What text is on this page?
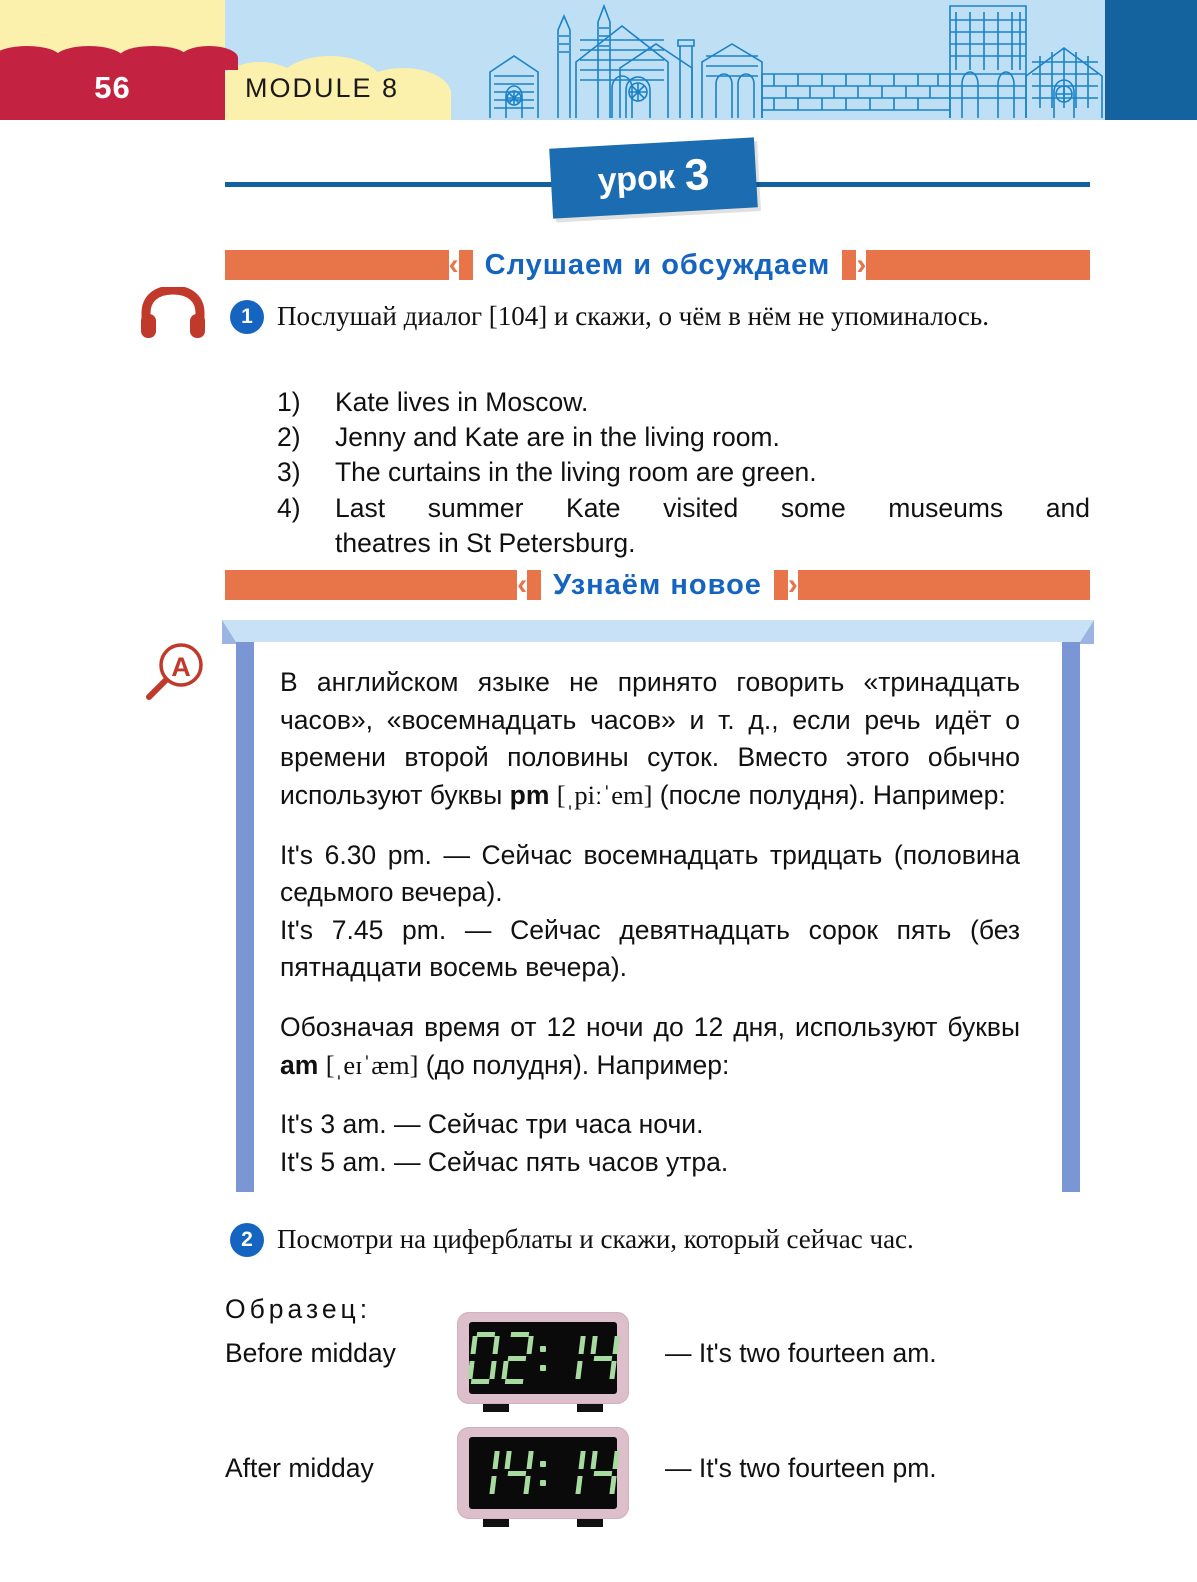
56	MODULE 8
урок 3
‹ Слушаем и обсуждаем ›
1 Послушай диалог [104] и скажи, о чём в нём не упоминалось.
1)	Kate lives in Moscow.
2)	Jenny and Kate are in the living room.
3)	The curtains in the living room are green.
4)	Last summer Kate visited some museums and
theatres in St Petersburg.
‹ Узнаём новое ›
A	В английском языке не принято говорить «тринадцать часов», «восемнадцать часов» и т. д., если речь идёт о времени второй половины суток. Вместо этого обычно используют буквы pm [ˌpiːˈem] (после полудня). Например:

It's 6.30 pm. — Сейчас восемнадцать тридцать (половина седьмого вечера).

It's 7.45 pm. — Сейчас девятнадцать сорок пять (без пятнадцати восемь вечера).

Обозначая время от 12 ночи до 12 дня, используют буквы am [ˌeɪˈæm] (до полудня). Например:

It's 3 am. — Сейчас три часа ночи.

It's 5 am. — Сейчас пять часов утра.

2 Посмотри на циферблаты и скажи, который сейчас час.
Образец:
Before midday	— It's two fourteen am.
After midday	— It's two fourteen pm.
